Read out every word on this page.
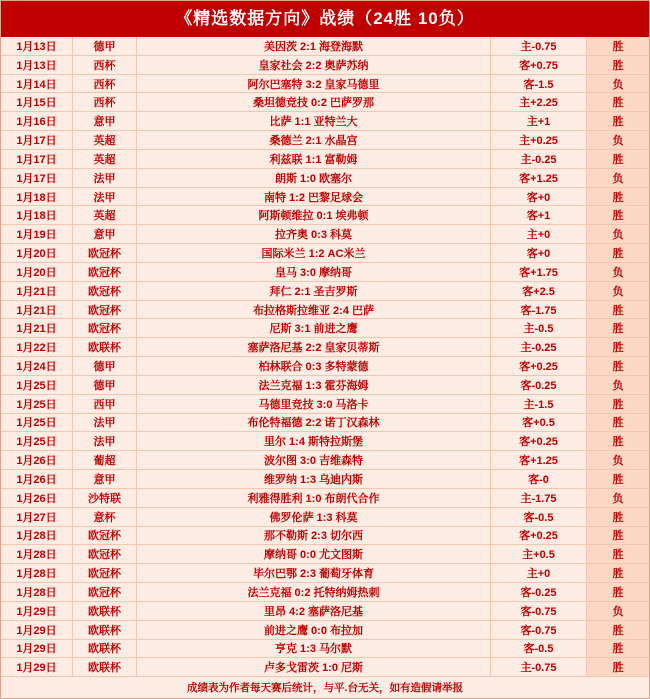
《精选数据方向》战绩（24胜 10负）
1月13日	德甲	美因茨 2:1 海登海默	主-0.75	胜
1月13日	西杯	皇家社会 2:2 奥萨苏纳	客+0.75	胜
1月14日	西杯	阿尔巴塞特 3:2 皇家马德里	客-1.5	负
1月15日	西杯	桑坦德竞技 0:2 巴萨罗那	主+2.25	胜
1月16日	意甲	比萨 1:1 亚特兰大	主+1	胜
1月17日	英超	桑德兰 2:1 水晶宫	主+0.25	负
1月17日	英超	利兹联 1:1 富勒姆	主-0.25	胜
1月17日	法甲	朗斯 1:0 欧塞尔	客+1.25	负
1月18日	法甲	南特 1:2 巴黎足球会	客+0	胜
1月18日	英超	阿斯顿维拉 0:1 埃弗顿	客+1	胜
1月19日	意甲	拉齐奥 0:3 科莫	主+0	负
1月20日	欧冠杯	国际米兰 1:2 AC米兰	客+0	胜
1月20日	欧冠杯	皇马 3:0 摩纳哥	客+1.75	负
1月21日	欧冠杯	拜仁 2:1 圣吉罗斯	客+2.5	负
1月21日	欧冠杯	布拉格斯拉维亚 2:4 巴萨	客-1.75	胜
1月21日	欧冠杯	尼斯 3:1 前进之鹰	主-0.5	胜
1月22日	欧联杯	塞萨洛尼基 2:2 皇家贝蒂斯	主-0.25	胜
1月24日	德甲	柏林联合 0:3 多特蒙德	客+0.25	胜
1月25日	德甲	法兰克福 1:3 霍芬海姆	客-0.25	负
1月25日	西甲	马德里竞技 3:0 马洛卡	主-1.5	胜
1月25日	法甲	布伦特福德 2:2 诺丁汉森林	客+0.5	胜
1月25日	法甲	里尔 1:4 斯特拉斯堡	客+0.25	胜
1月26日	葡超	波尔图 3:0 吉维森特	客+1.25	负
1月26日	意甲	维罗纳 1:3 乌迪内斯	客-0	胜
1月26日	沙特联	利雅得胜利 1:0 布朗代合作	主-1.75	负
1月27日	意杯	佛罗伦萨 1:3 科莫	客-0.5	胜
1月28日	欧冠杯	那不勒斯 2:3 切尔西	客+0.25	胜
1月28日	欧冠杯	摩纳哥 0:0 尤文图斯	主+0.5	胜
1月28日	欧冠杯	毕尔巴鄂 2:3 葡萄牙体育	主+0	胜
1月28日	欧冠杯	法兰克福 0:2 托特纳姆热刺	客-0.25	胜
1月29日	欧联杯	里昂 4:2 塞萨洛尼基	客-0.75	负
1月29日	欧联杯	前进之鹰 0:0 布拉加	客-0.75	胜
1月29日	欧联杯	亨克 1:3 马尔默	客-0.5	胜
1月29日	欧联杯	卢多戈雷茨 1:0 尼斯	主-0.75	胜
成绩表为作者每天赛后统计，与平.台无关，如有造假请举报
